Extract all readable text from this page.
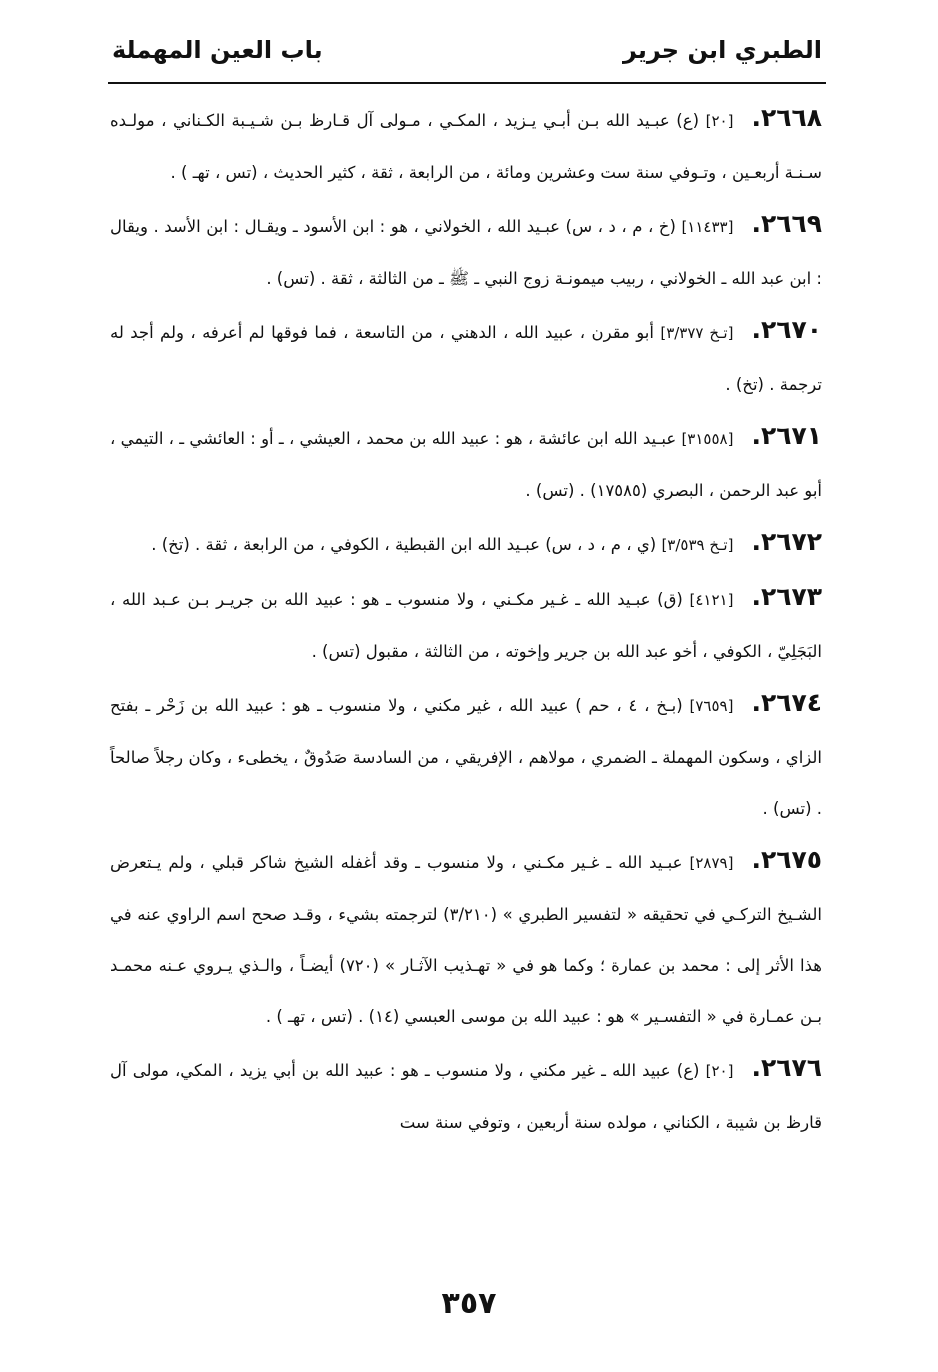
الطبري ابن جرير
باب العين المهملة

٢٦٦٨.[٢٠] (ع) عبـيد الله بـن أبـي يـزيد ، المكـي ، مـولى آل قـارظ بـن شـيـبة الكـناني ، مولـده سـنـة أربعـين ، وتـوفي سنة ست وعشرين ومائة ، من الرابعة ، ثقة ، كثير الحديث ، (تس ، تهـ ) .

٢٦٦٩.[١١٤٣٣] (خ ، م ، د ، س) عبـيد الله ، الخولاني ، هو : ابن الأسود ـ ويقـال : ابن الأسد . ويقال : ابن عبد الله ـ الخولاني ، ربيب ميمونـة زوج النبي ـ ﷺ ـ من الثالثة ، ثقة . (تس) .

٢٦٧٠.[تـخ ٣/٣٧٧] أبو مقرن ، عبيد الله ، الدهني ، من التاسعة ، فما فوقها لم أعرفه ، ولم أجد له ترجمة . (تخ) .

٢٦٧١.[٣١٥٥٨] عبـيد الله ابن عائشة ، هو : عبيد الله بن محمد ، العيشي ، ـ أو : العائشي ـ ، التيمي ، أبو عبد الرحمن ، البصري (١٧٥٨٥) . (تس) .

٢٦٧٢.[تـخ ٣/٥٣٩] (ي ، م ، د ، س) عبـيد الله ابن القبطية ، الكوفي ، من الرابعة ، ثقة . (تخ) .

٢٦٧٣.[٤١٢١] (ق) عبـيد الله ـ غـير مكـني ، ولا منسوب ـ هو : عبيد الله بن جريـر بـن عـبد الله ، البَجَلِيّ ، الكوفي ، أخو عبد الله بن جرير وإخوته ، من الثالثة ، مقبول (تس) .

٢٦٧٤.[٧٦٥٩] (بـخ ، ٤ ، حم ) عبيد الله ، غير مكني ، ولا منسوب ـ هو : عبيد الله بن زَحْر ـ بفتح الزاي ، وسكون المهملة ـ الضمري ، مولاهم ، الإفريقي ، من السادسة صَدُوقٌ ، يخطىء ، وكان رجلاً صالحاً . (تس) .

٢٦٧٥.[٢٨٧٩] عبـيد الله ـ غـير مكـني ، ولا منسوب ـ وقد أغفله الشيخ شاكر قبلي ، ولم يـتعرض الشـيخ التركـي في تحقيقه « لتفسير الطبري » (٣/٢١٠) لترجمته بشيء ، وقـد صحح اسم الراوي عنه في هذا الأثر إلى : محمد بن عمارة ؛ وكما هو في « تهـذيب الآثـار » (٧٢٠) أيضـاً ، والـذي يـروي عـنه محمـد بـن عمـارة في « التفسـير » هو : عبيد الله بن موسى العبسي (١٤) . (تس ، تهـ ) .

٢٦٧٦.[٢٠] (ع) عبيد الله ـ غير مكني ، ولا منسوب ـ هو : عبيد الله بن أبي يزيد ، المكي، مولى آل قارظ بن شيبة ، الكناني ، مولده سنة أربعين ، وتوفي سنة ست

٣٥٧
